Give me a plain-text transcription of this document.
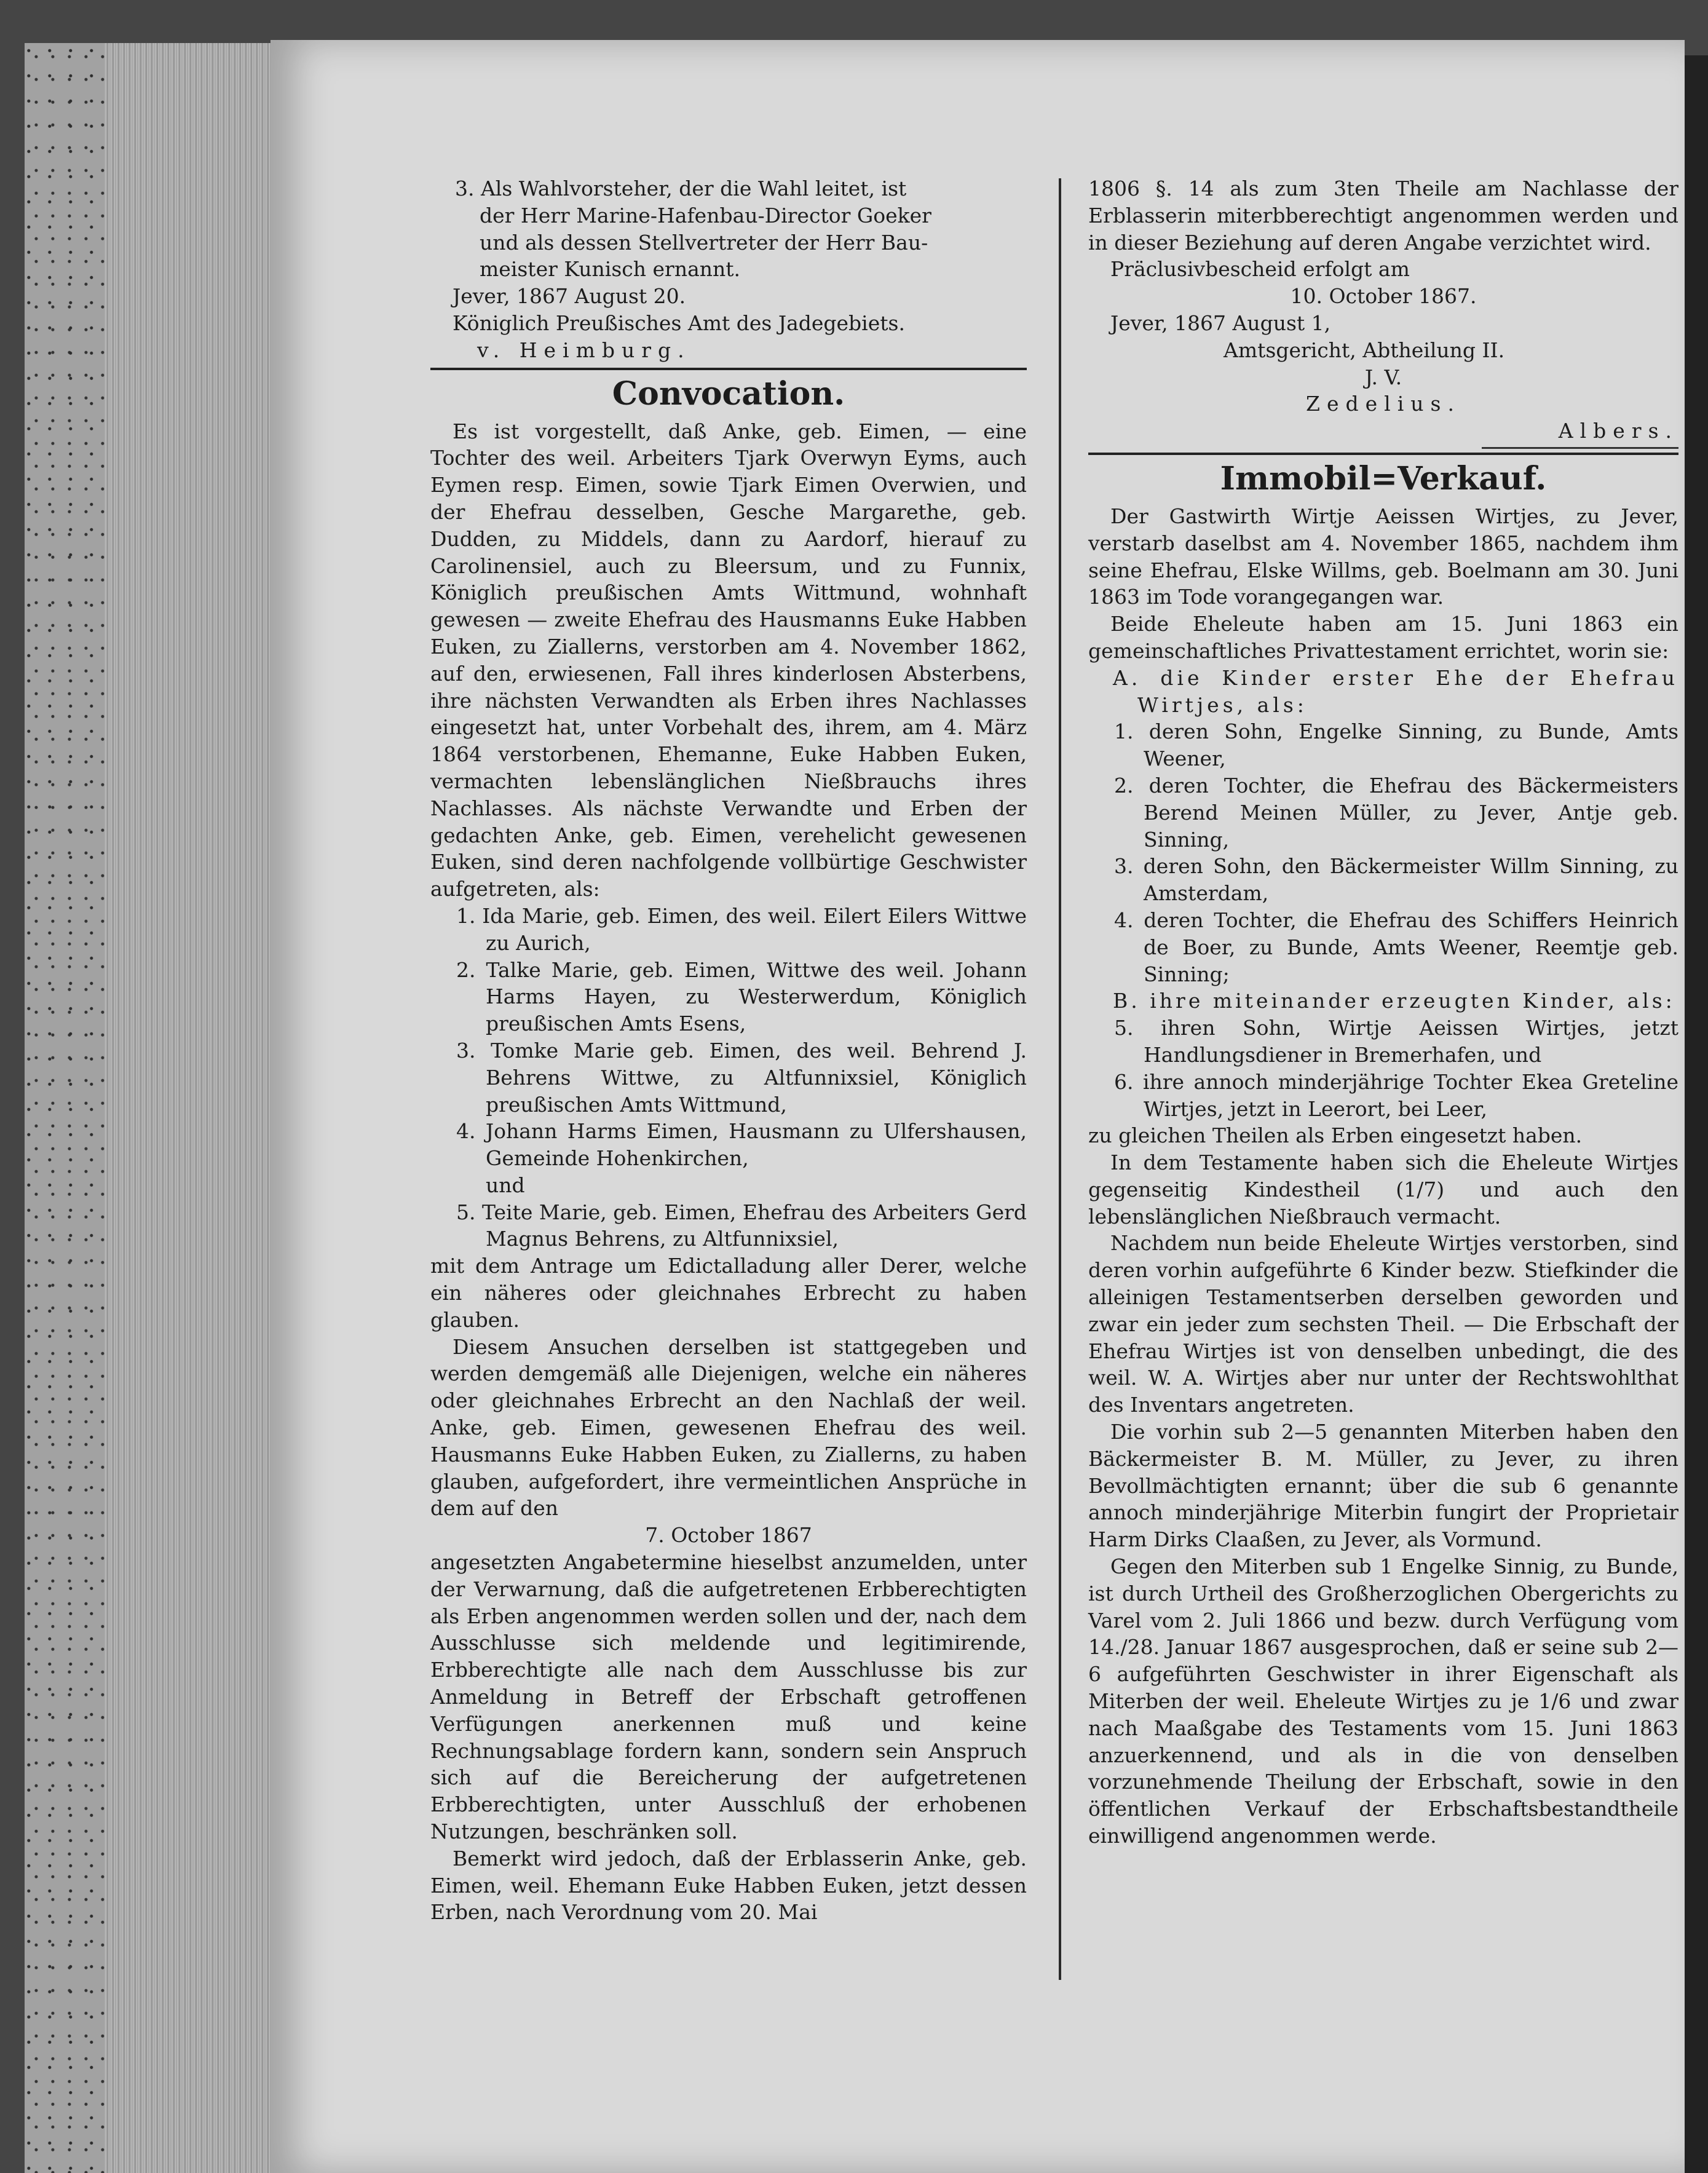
3. Als Wahlvorsteher, der die Wahl leitet, ist

der Herr Marine-Hafenbau-Director Goeker

und als dessen Stellvertreter der Herr Bau-

meister Kunisch ernannt.

Jever, 1867 August 20.

Königlich Preußisches Amt des Jadegebiets.

v. Heimburg.

Convocation.

Es ist vorgestellt, daß Anke, geb. Eimen, — eine Tochter des weil. Arbeiters Tjark Overwyn Eyms, auch Eymen resp. Eimen, sowie Tjark Eimen Overwien, und der Ehefrau desselben, Gesche Margarethe, geb. Dudden, zu Middels, dann zu Aardorf, hierauf zu Carolinensiel, auch zu Bleersum, und zu Funnix, Königlich preußischen Amts Wittmund, wohnhaft gewesen — zweite Ehefrau des Hausmanns Euke Habben Euken, zu Ziallerns, verstorben am 4. November 1862, auf den, erwiesenen, Fall ihres kinderlosen Absterbens, ihre nächsten Verwandten als Erben ihres Nachlasses eingesetzt hat, unter Vorbehalt des, ihrem, am 4. März 1864 verstorbenen, Ehemanne, Euke Habben Euken, vermachten lebenslänglichen Nießbrauchs ihres Nachlasses. Als nächste Verwandte und Erben der gedachten Anke, geb. Eimen, verehelicht gewesenen Euken, sind deren nachfolgende vollbürtige Geschwister aufgetreten, als:

1. Ida Marie, geb. Eimen, des weil. Eilert Eilers Wittwe zu Aurich,

2. Talke Marie, geb. Eimen, Wittwe des weil. Johann Harms Hayen, zu Westerwerdum, Königlich preußischen Amts Esens,

3. Tomke Marie geb. Eimen, des weil. Behrend J. Behrens Wittwe, zu Altfunnixsiel, Königlich preußischen Amts Wittmund,

4. Johann Harms Eimen, Hausmann zu Ulfershausen, Gemeinde Hohenkirchen,

und

5. Teite Marie, geb. Eimen, Ehefrau des Arbeiters Gerd Magnus Behrens, zu Altfunnixsiel,

mit dem Antrage um Edictalladung aller Derer, welche ein näheres oder gleichnahes Erbrecht zu haben glauben.

Diesem Ansuchen derselben ist stattgegeben und werden demgemäß alle Diejenigen, welche ein näheres oder gleichnahes Erbrecht an den Nachlaß der weil. Anke, geb. Eimen, gewesenen Ehefrau des weil. Hausmanns Euke Habben Euken, zu Ziallerns, zu haben glauben, aufgefordert, ihre vermeintlichen Ansprüche in dem auf den

7. October 1867

angesetzten Angabetermine hieselbst anzumelden, unter der Verwarnung, daß die aufgetretenen Erbberechtigten als Erben angenommen werden sollen und der, nach dem Ausschlusse sich meldende und legitimirende, Erbberechtigte alle nach dem Ausschlusse bis zur Anmeldung in Betreff der Erbschaft getroffenen Verfügungen anerkennen muß und keine Rechnungsablage fordern kann, sondern sein Anspruch sich auf die Bereicherung der aufgetretenen Erbberechtigten, unter Ausschluß der erhobenen Nutzungen, beschränken soll.

Bemerkt wird jedoch, daß der Erblasserin Anke, geb. Eimen, weil. Ehemann Euke Habben Euken, jetzt dessen Erben, nach Verordnung vom 20. Mai

1806 §. 14 als zum 3ten Theile am Nachlasse der Erblasserin miterbberechtigt angenommen werden und in dieser Beziehung auf deren Angabe verzichtet wird.

Präclusivbescheid erfolgt am

10. October 1867.

Jever, 1867 August 1,

Amtsgericht, Abtheilung II.

J. V.

Zedelius.

Albers.

Immobil=Verkauf.

Der Gastwirth Wirtje Aeissen Wirtjes, zu Jever, verstarb daselbst am 4. November 1865, nachdem ihm seine Ehefrau, Elske Willms, geb. Boelmann am 30. Juni 1863 im Tode vorangegangen war.

Beide Eheleute haben am 15. Juni 1863 ein gemeinschaftliches Privattestament errichtet, worin sie:

A. die Kinder erster Ehe der Ehefrau Wirtjes, als:

1. deren Sohn, Engelke Sinning, zu Bunde, Amts Weener,

2. deren Tochter, die Ehefrau des Bäckermeisters Berend Meinen Müller, zu Jever, Antje geb. Sinning,

3. deren Sohn, den Bäckermeister Willm Sinning, zu Amsterdam,

4. deren Tochter, die Ehefrau des Schiffers Heinrich de Boer, zu Bunde, Amts Weener, Reemtje geb. Sinning;

B. ihre miteinander erzeugten Kinder, als:

5. ihren Sohn, Wirtje Aeissen Wirtjes, jetzt Handlungsdiener in Bremerhafen, und

6. ihre annoch minderjährige Tochter Ekea Greteline Wirtjes, jetzt in Leerort, bei Leer,

zu gleichen Theilen als Erben eingesetzt haben.

In dem Testamente haben sich die Eheleute Wirtjes gegenseitig Kindestheil (1/7) und auch den lebenslänglichen Nießbrauch vermacht.

Nachdem nun beide Eheleute Wirtjes verstorben, sind deren vorhin aufgeführte 6 Kinder bezw. Stiefkinder die alleinigen Testamentserben derselben geworden und zwar ein jeder zum sechsten Theil. — Die Erbschaft der Ehefrau Wirtjes ist von denselben unbedingt, die des weil. W. A. Wirtjes aber nur unter der Rechtswohlthat des Inventars angetreten.

Die vorhin sub 2—5 genannten Miterben haben den Bäckermeister B. M. Müller, zu Jever, zu ihren Bevollmächtigten ernannt; über die sub 6 genannte annoch minderjährige Miterbin fungirt der Proprietair Harm Dirks Claaßen, zu Jever, als Vormund.

Gegen den Miterben sub 1 Engelke Sinnig, zu Bunde, ist durch Urtheil des Großherzoglichen Obergerichts zu Varel vom 2. Juli 1866 und bezw. durch Verfügung vom 14./28. Januar 1867 ausgesprochen, daß er seine sub 2—6 aufgeführten Geschwister in ihrer Eigenschaft als Miterben der weil. Eheleute Wirtjes zu je 1/6 und zwar nach Maaßgabe des Testaments vom 15. Juni 1863 anzuerkennend, und als in die von denselben vorzunehmende Theilung der Erbschaft, sowie in den öffentlichen Verkauf der Erbschaftsbestandtheile einwilligend angenommen werde.
